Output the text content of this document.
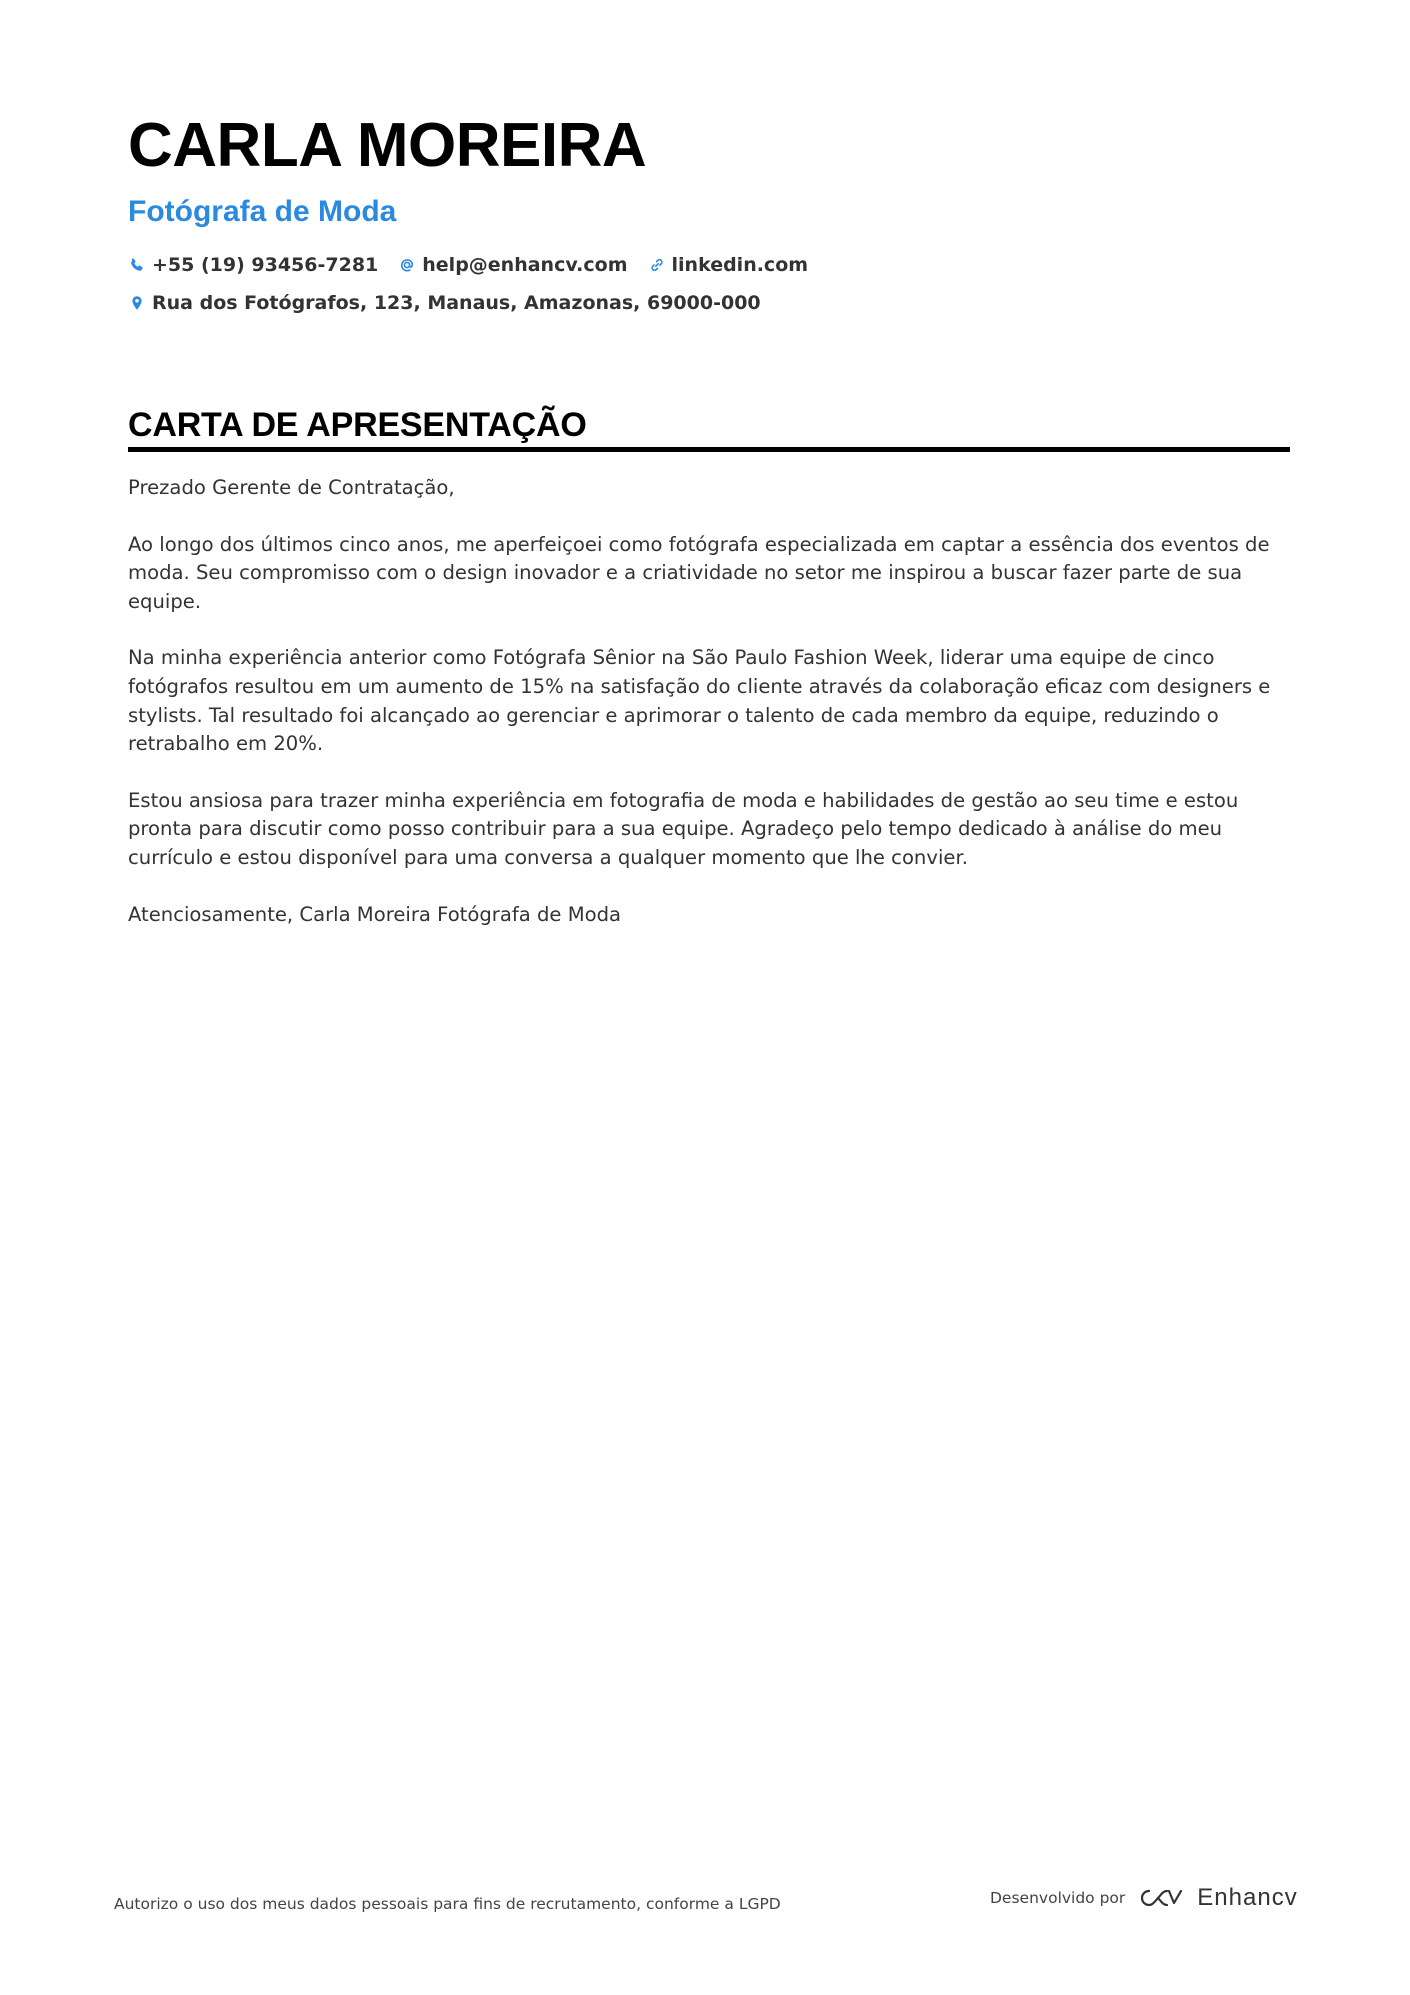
CARLA MOREIRA
Fotógrafa de Moda
+55 (19) 93456-7281 help@enhancv.com linkedin.com
Rua dos Fotógrafos, 123, Manaus, Amazonas, 69000-000
CARTA DE APRESENTAÇÃO

Prezado Gerente de Contratação,

Ao longo dos últimos cinco anos, me aperfeiçoei como fotógrafa especializada em captar a essência dos eventos de moda. Seu compromisso com o design inovador e a criatividade no setor me inspirou a buscar fazer parte de sua equipe.

Na minha experiência anterior como Fotógrafa Sênior na São Paulo Fashion Week, liderar uma equipe de cinco fotógrafos resultou em um aumento de 15% na satisfação do cliente através da colaboração eficaz com designers e stylists. Tal resultado foi alcançado ao gerenciar e aprimorar o talento de cada membro da equipe, reduzindo o retrabalho em 20%.

Estou ansiosa para trazer minha experiência em fotografia de moda e habilidades de gestão ao seu time e estou pronta para discutir como posso contribuir para a sua equipe. Agradeço pelo tempo dedicado à análise do meu currículo e estou disponível para uma conversa a qualquer momento que lhe convier.

Atenciosamente, Carla Moreira Fotógrafa de Moda

Autorizo o uso dos meus dados pessoais para fins de recrutamento, conforme a LGPD	Desenvolvido por	Enhancv
